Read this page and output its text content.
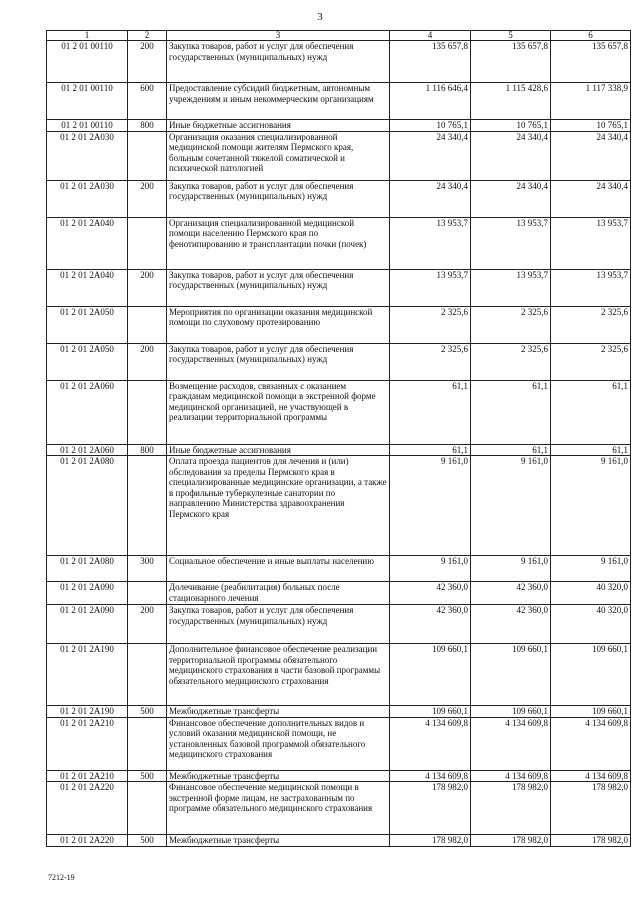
3
1	2	3	4	5	6
01 2 01 00110	200	Закупка товаров, работ и услуг для обеспечения государственных (муниципальных) нужд	135 657,8	135 657,8	135 657,8
01 2 01 00110	600	Предоставление субсидий бюджетным, автономным учреждениям и иным некоммерческим организациям	1 116 646,4	1 115 428,6	1 117 338,9
01 2 01 00110	800	Иные бюджетные ассигнования	10 765,1	10 765,1	10 765,1
01 2 01 2А030		Организация оказания специализированной медицинской помощи жителям Пермского края, больным сочетанной тяжелой соматической и психической патологией	24 340,4	24 340,4	24 340,4
01 2 01 2А030	200	Закупка товаров, работ и услуг для обеспечения государственных (муниципальных) нужд	24 340,4	24 340,4	24 340,4
01 2 01 2А040		Организация специализированной медицинской помощи населению Пермского края по фенотипированию и трансплантации почки (почек)	13 953,7	13 953,7	13 953,7
01 2 01 2А040	200	Закупка товаров, работ и услуг для обеспечения государственных (муниципальных) нужд	13 953,7	13 953,7	13 953,7
01 2 01 2А050		Мероприятия по организации оказания медицинской помощи по слуховому протезированию	2 325,6	2 325,6	2 325,6
01 2 01 2А050	200	Закупка товаров, работ и услуг для обеспечения государственных (муниципальных) нужд	2 325,6	2 325,6	2 325,6
01 2 01 2А060		Возмещение расходов, связанных с оказанием гражданам медицинской помощи в экстренной форме медицинской организацией, не участвующей в реализации территориальной программы	61,1	61,1	61,1
01 2 01 2А060	800	Иные бюджетные ассигнования	61,1	61,1	61,1
01 2 01 2А080		Оплата проезда пациентов для лечения и (или) обследования за пределы Пермского края в специализированные медицинские организации, а также в профильные туберкулезные санатории по направлению Министерства здравоохранения Пермского края	9 161,0	9 161,0	9 161,0
01 2 01 2А080	300	Социальное обеспечение и иные выплаты населению	9 161,0	9 161,0	9 161,0
01 2 01 2А090		Долечивание (реабилитация) больных после стационарного лечения	42 360,0	42 360,0	40 320,0
01 2 01 2А090	200	Закупка товаров, работ и услуг для обеспечения государственных (муниципальных) нужд	42 360,0	42 360,0	40 320,0
01 2 01 2А190		Дополнительное финансовое обеспечение реализации территориальной программы обязательного медицинского страхования в части базовой программы обязательного медицинского страхования	109 660,1	109 660,1	109 660,1
01 2 01 2А190	500	Межбюджетные трансферты	109 660,1	109 660,1	109 660,1
01 2 01 2А210		Финансовое обеспечение дополнительных видов и условий оказания медицинской помощи, не установленных базовой программой обязательного медицинского страхования	4 134 609,8	4 134 609,8	4 134 609,8
01 2 01 2А210	500	Межбюджетные трансферты	4 134 609,8	4 134 609,8	4 134 609,8
01 2 01 2А220		Финансовое обеспечение медицинской помощи в экстренной форме лицам, не застрахованным по программе обязательного медицинского страхования	178 982,0	178 982,0	178 982,0
01 2 01 2А220	500	Межбюджетные трансферты	178 982,0	178 982,0	178 982,0
7212-19
